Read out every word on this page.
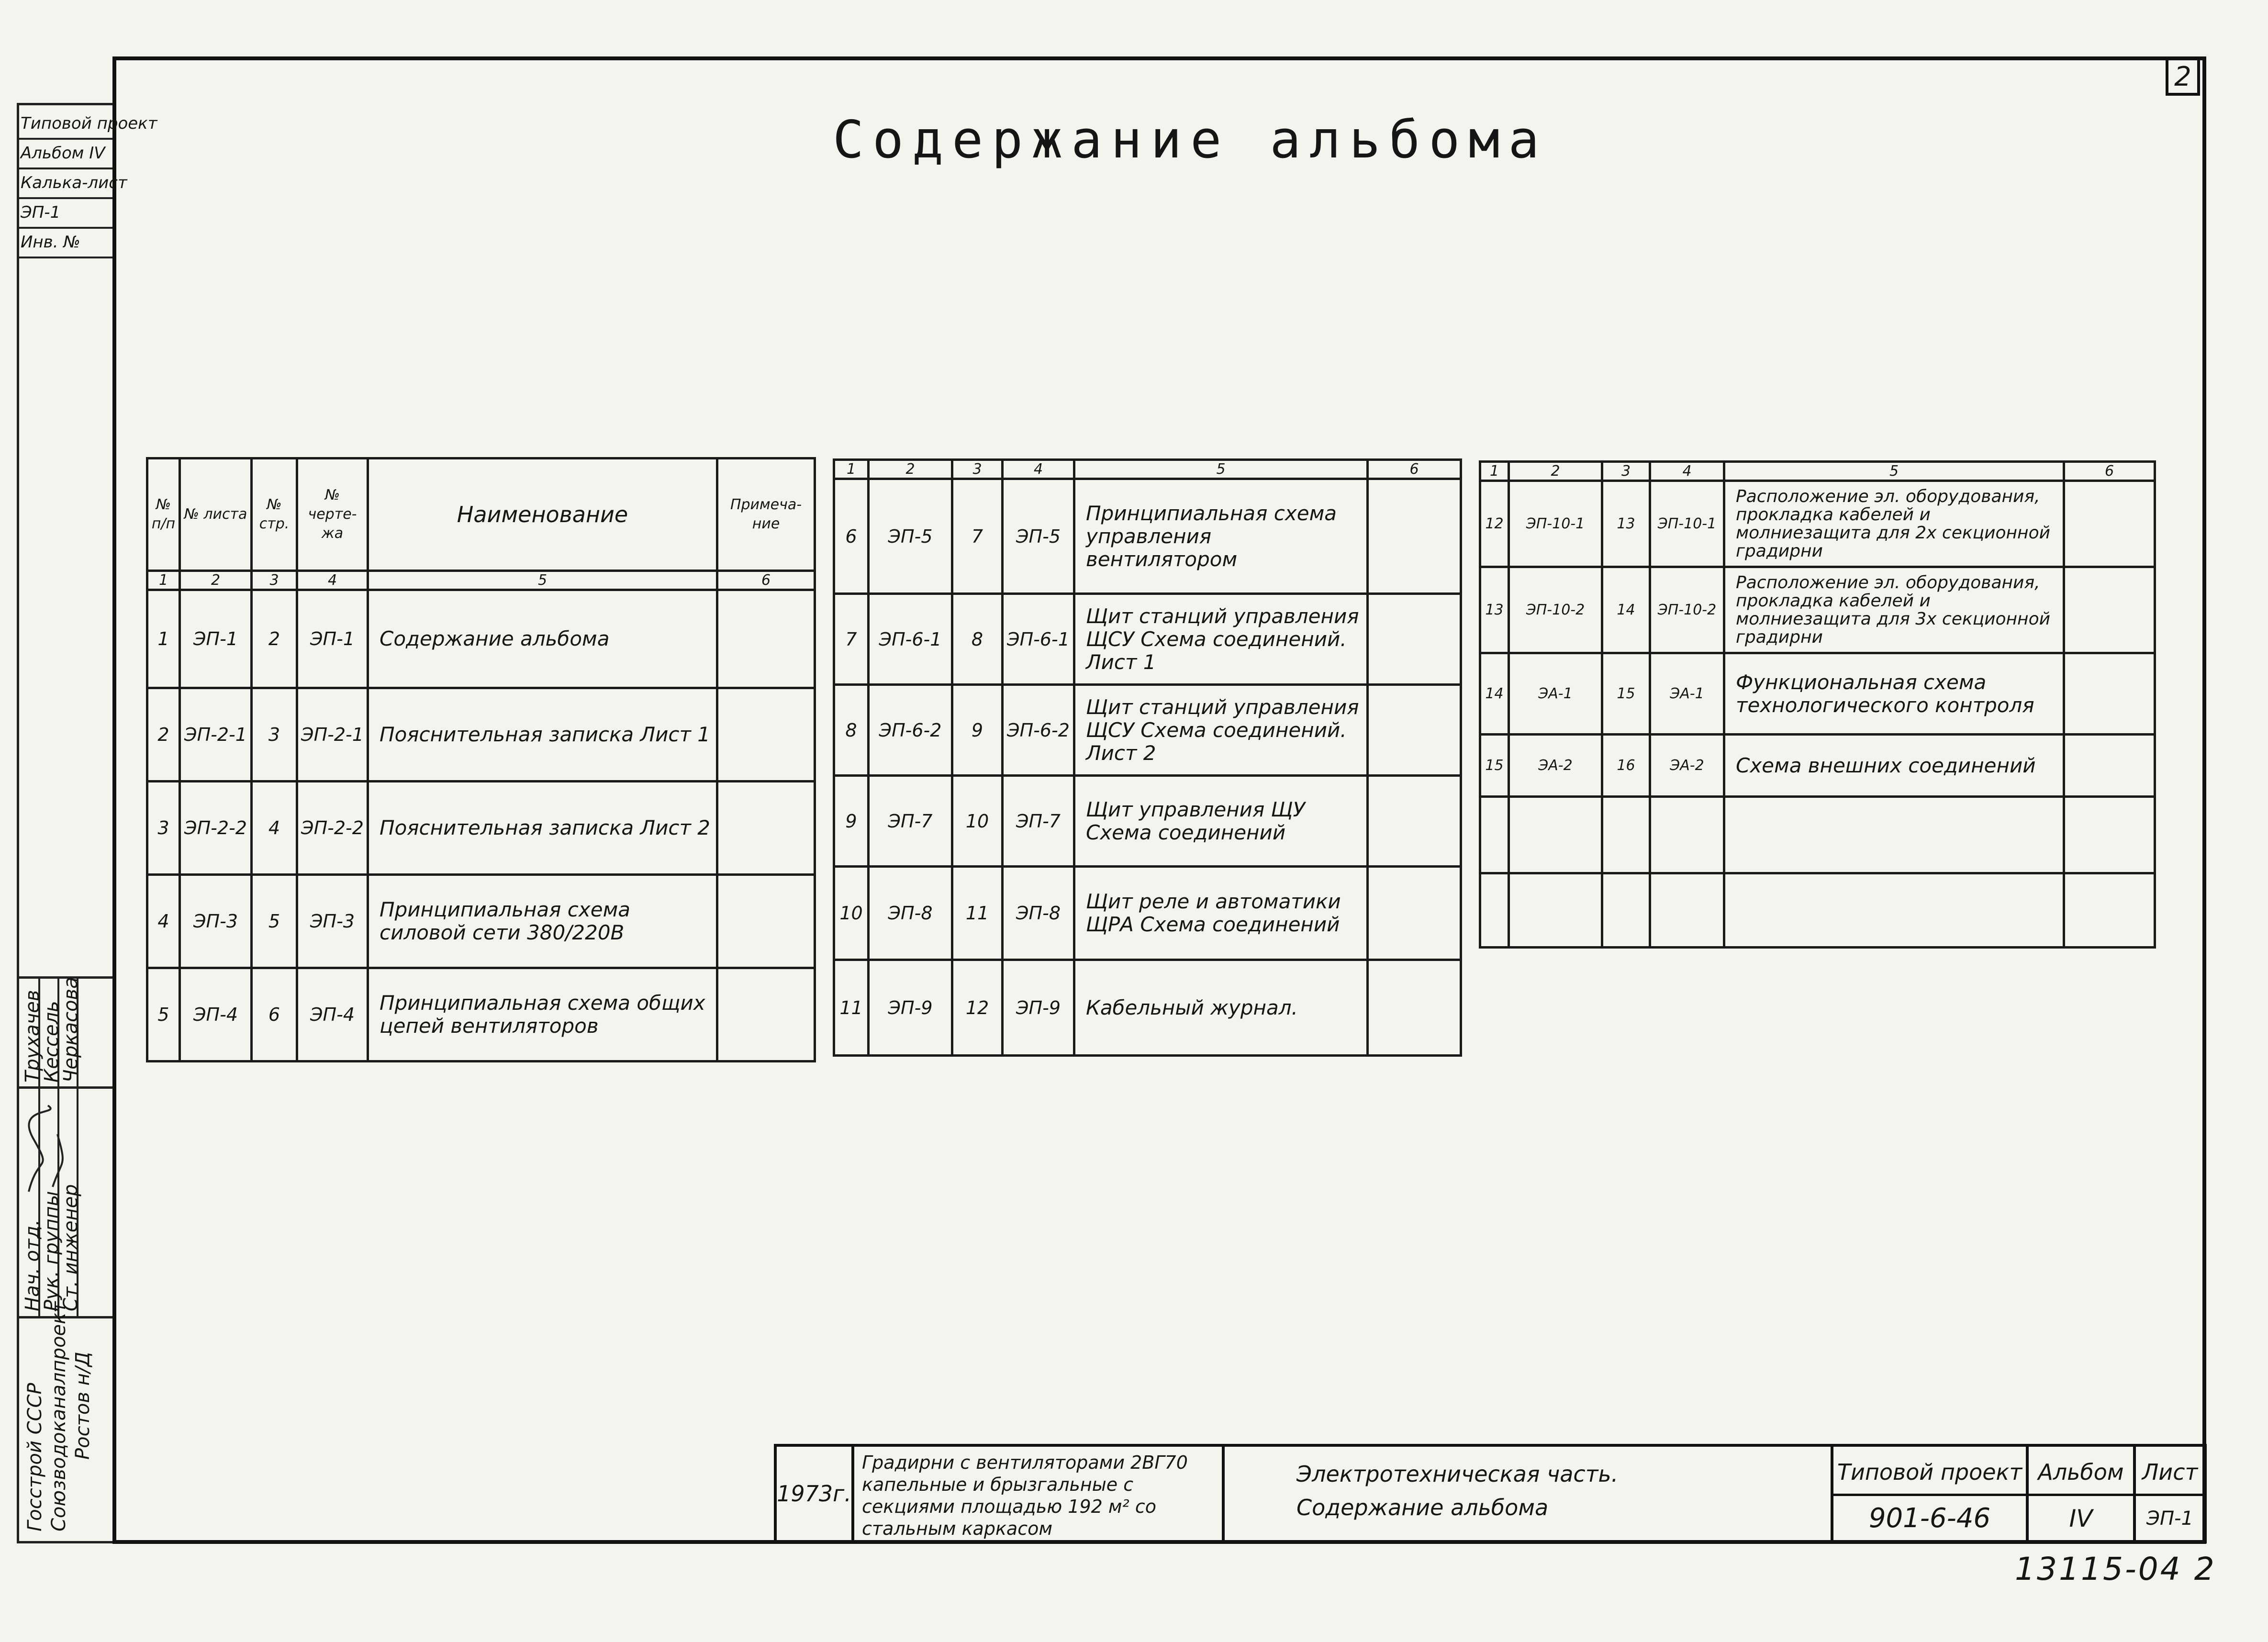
2
Содержание альбома
Типовой проект
Альбом IV
Калька-лист
ЭП-1
Инв. №
Трухачев
Кессель
Черкасова
Нач. отд.
Рук. группы
Ст. инженер
Госстрой СССР Союзводоканалпроект Ростов н/Д
№ п/п	№ листа	№ стр.	№ черте-жа	Наименование	Примеча-ние
1	2	3	4	5	6
1	ЭП-1	2	ЭП-1	Содержание альбома	
2	ЭП-2-1	3	ЭП-2-1	Пояснительная записка Лист 1	
3	ЭП-2-2	4	ЭП-2-2	Пояснительная записка Лист 2	
4	ЭП-3	5	ЭП-3	Принципиальная схема силовой сети 380/220В	
5	ЭП-4	6	ЭП-4	Принципиальная схема общих цепей вентиляторов	
1	2	3	4	5	6
6	ЭП-5	7	ЭП-5	Принципиальная схема управления вентилятором	
7	ЭП-6-1	8	ЭП-6-1	Щит станций управления ЩСУ Схема соединений. Лист 1	
8	ЭП-6-2	9	ЭП-6-2	Щит станций управления ЩСУ Схема соединений. Лист 2	
9	ЭП-7	10	ЭП-7	Щит управления ЩУ Схема соединений	
10	ЭП-8	11	ЭП-8	Щит реле и автоматики ЩРА Схема соединений	
11	ЭП-9	12	ЭП-9	Кабельный журнал.	
1	2	3	4	5	6
12	ЭП-10-1	13	ЭП-10-1	Расположение эл. оборудования, прокладка кабелей и молниезащита для 2х секционной градирни	
13	ЭП-10-2	14	ЭП-10-2	Расположение эл. оборудования, прокладка кабелей и молниезащита для 3х секционной градирни	
14	ЭА-1	15	ЭА-1	Функциональная схема технологического контроля	
15	ЭА-2	16	ЭА-2	Схема внешних соединений	

1973г.
Градирни с вентиляторами 2ВГ70 капельные и брызгальные с секциями площадью 192 м² со стальным каркасом
Электротехническая часть.
Содержание альбома
Типовой проект
901-6-46
Альбом
IV
Лист
ЭП-1
13115-04 2
